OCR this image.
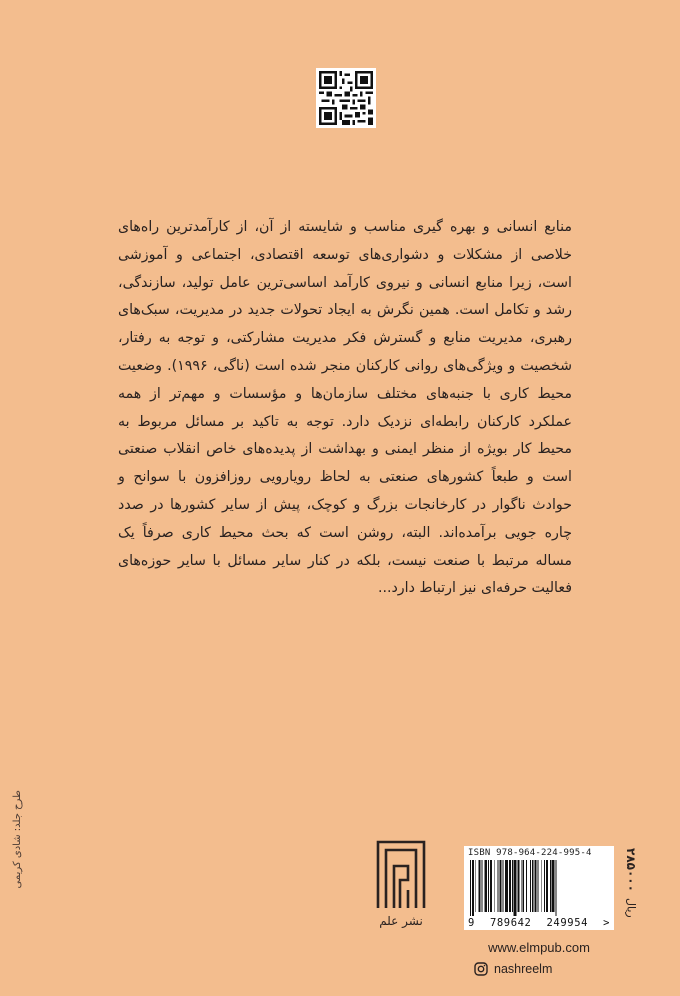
منابع انسانی و بهره گیری مناسب و شایسته از آن، از کارآمدترین راه‌های خلاصی از مشکلات و دشواری‌های توسعه اقتصادی، اجتماعی و آموزشی است، زیرا منابع انسانی و نیروی کارآمد اساسی‌ترین عامل تولید، سازندگی، رشد و تکامل است. همین نگرش به ایجاد تحولات جدید در مدیریت، سبک‌های رهبری، مدیریت منابع و گسترش فکر مدیریت مشارکتی، و توجه به رفتار، شخصیت و ویژگی‌های روانی کارکنان منجر شده است (ناگی، ۱۹۹۶). وضعیت محیط کاری با جنبه‌های مختلف سازمان‌ها و مؤسسات و مهم‌تر از همه عملکرد کارکنان رابطه‌ای نزدیک دارد. توجه به تاکید بر مسائل مربوط به محیط کار بویژه از منظر ایمنی و بهداشت از پدیده‌های خاص انقلاب صنعتی است و طبعاً کشورهای صنعتی به لحاظ رویارویی روزافزون با سوانح و حوادث ناگوار در کارخانجات بزرگ و کوچک، پیش از سایر کشورها در صدد چاره جویی برآمده‌اند. البته، روشن است که بحث محیط کاری صرفاً یک مساله مرتبط با صنعت نیست، بلکه در کنار سایر مسائل با سایر حوزه‌های فعالیت حرفه‌ای نیز ارتباط دارد...
طرح جلد: شادی کریمی
نشر علم
ISBN 978-964-224-995-4
9 789642 249954 >
۲۸۵۰۰۰
ریال
www.elmpub.com
nashreelm
